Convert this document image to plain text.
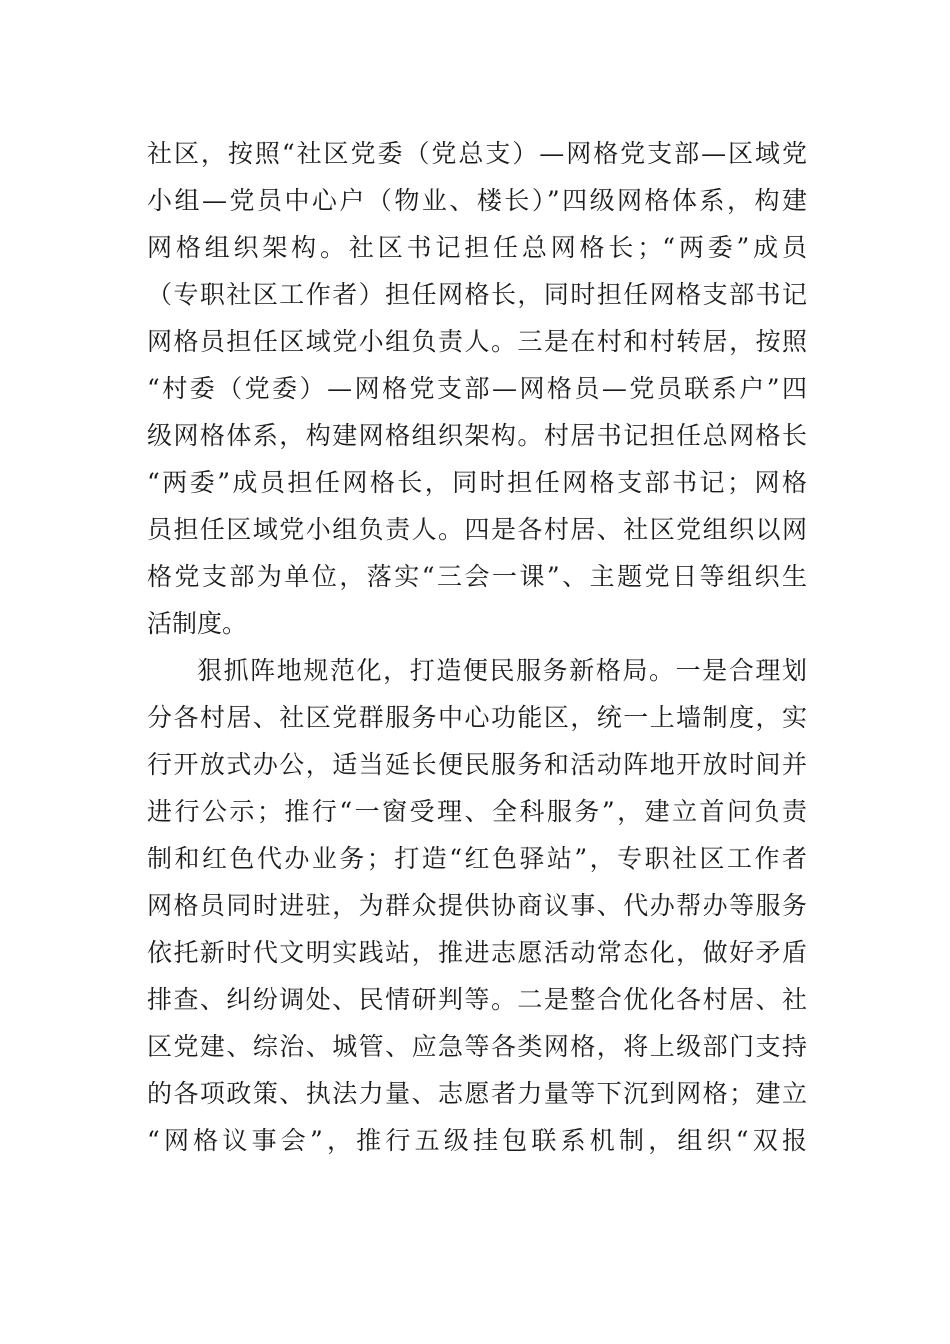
社区，按照“社区党委（党总支）—网格党支部—区域党
小组—党员中心户（物业、楼长）”四级网格体系，构建
网格组织架构。社区书记担任总网格长；“两委”成员
（专职社区工作者）担任网格长，同时担任网格支部书记
网格员担任区域党小组负责人。三是在村和村转居，按照
“村委（党委）—网格党支部—网格员—党员联系户”四
级网格体系，构建网格组织架构。村居书记担任总网格长
“两委”成员担任网格长，同时担任网格支部书记；网格
员担任区域党小组负责人。四是各村居、社区党组织以网
格党支部为单位，落实“三会一课”、主题党日等组织生
活制度。
狠抓阵地规范化，打造便民服务新格局。一是合理划
分各村居、社区党群服务中心功能区，统一上墙制度，实
行开放式办公，适当延长便民服务和活动阵地开放时间并
进行公示；推行“一窗受理、全科服务”，建立首问负责
制和红色代办业务；打造“红色驿站”，专职社区工作者
网格员同时进驻，为群众提供协商议事、代办帮办等服务
依托新时代文明实践站，推进志愿活动常态化，做好矛盾
排查、纠纷调处、民情研判等。二是整合优化各村居、社
区党建、综治、城管、应急等各类网格，将上级部门支持
的各项政策、执法力量、志愿者力量等下沉到网格；建立
“网格议事会”，推行五级挂包联系机制，组织“双报
